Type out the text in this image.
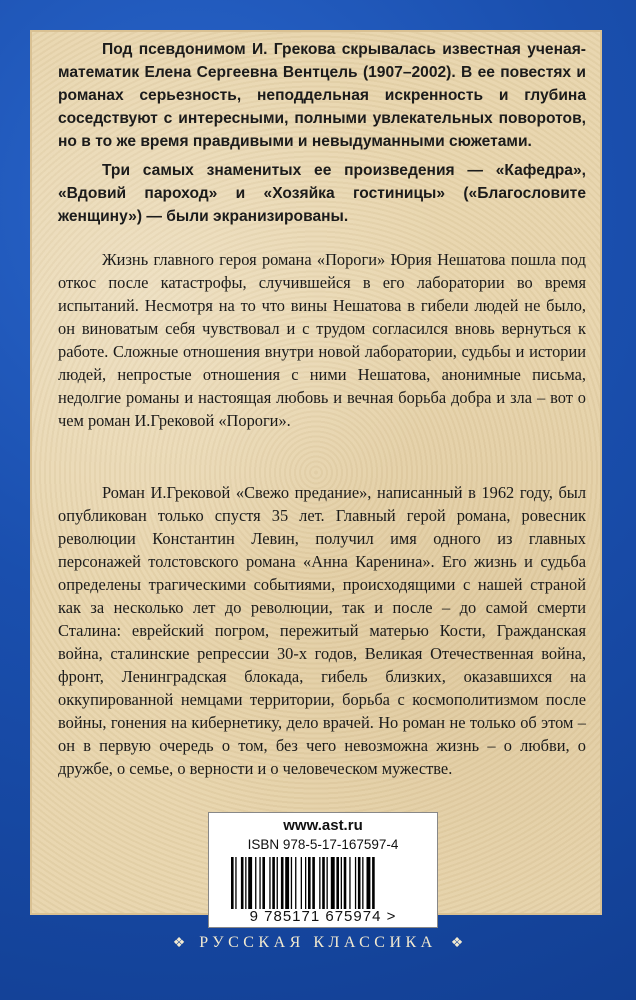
Под псевдонимом И. Грекова скрывалась известная ученая-математик Елена Сергеевна Вентцель (1907–2002). В ее повестях и романах серьезность, неподдельная искренность и глубина соседствуют с интересными, полными увлекательных поворотов, но в то же время правдивыми и невыдуманными сюжетами.

Три самых знаменитых ее произведения — «Кафедра», «Вдовий пароход» и «Хозяйка гостиницы» («Благословите женщину») — были экранизированы.

Жизнь главного героя романа «Пороги» Юрия Нешатова пошла под откос после катастрофы, случившейся в его лаборатории во время испытаний. Несмотря на то что вины Нешатова в гибели людей не было, он виноватым себя чувствовал и с трудом согласился вновь вернуться к работе. Сложные отношения внутри новой лаборатории, судьбы и истории людей, непростые отношения с ними Нешатова, анонимные письма, недолгие романы и настоящая любовь и вечная борьба добра и зла – вот о чем роман И.Грековой «Пороги».

Роман И.Грековой «Свежо предание», написанный в 1962 году, был опубликован только спустя 35 лет. Главный герой романа, ровесник революции Константин Левин, получил имя одного из главных персонажей толстовского романа «Анна Каренина». Его жизнь и судьба определены трагическими событиями, происходящими с нашей страной как за несколько лет до революции, так и после – до самой смерти Сталина: еврейский погром, пережитый матерью Кости, Гражданская война, сталинские репрессии 30-х годов, Великая Отечественная война, фронт, Ленинградская блокада, гибель близких, оказавшихся на оккупированной немцами территории, борьба с космополитизмом после войны, гонения на кибернетику, дело врачей. Но роман не только об этом – он в первую очередь о том, без чего невозможна жизнь – о любви, о дружбе, о семье, о верности и о человеческом мужестве.

www.ast.ru
ISBN 978-5-17-167597-4
9 785171 675974 >
❖ РУССКАЯ КЛАССИКА ❖
